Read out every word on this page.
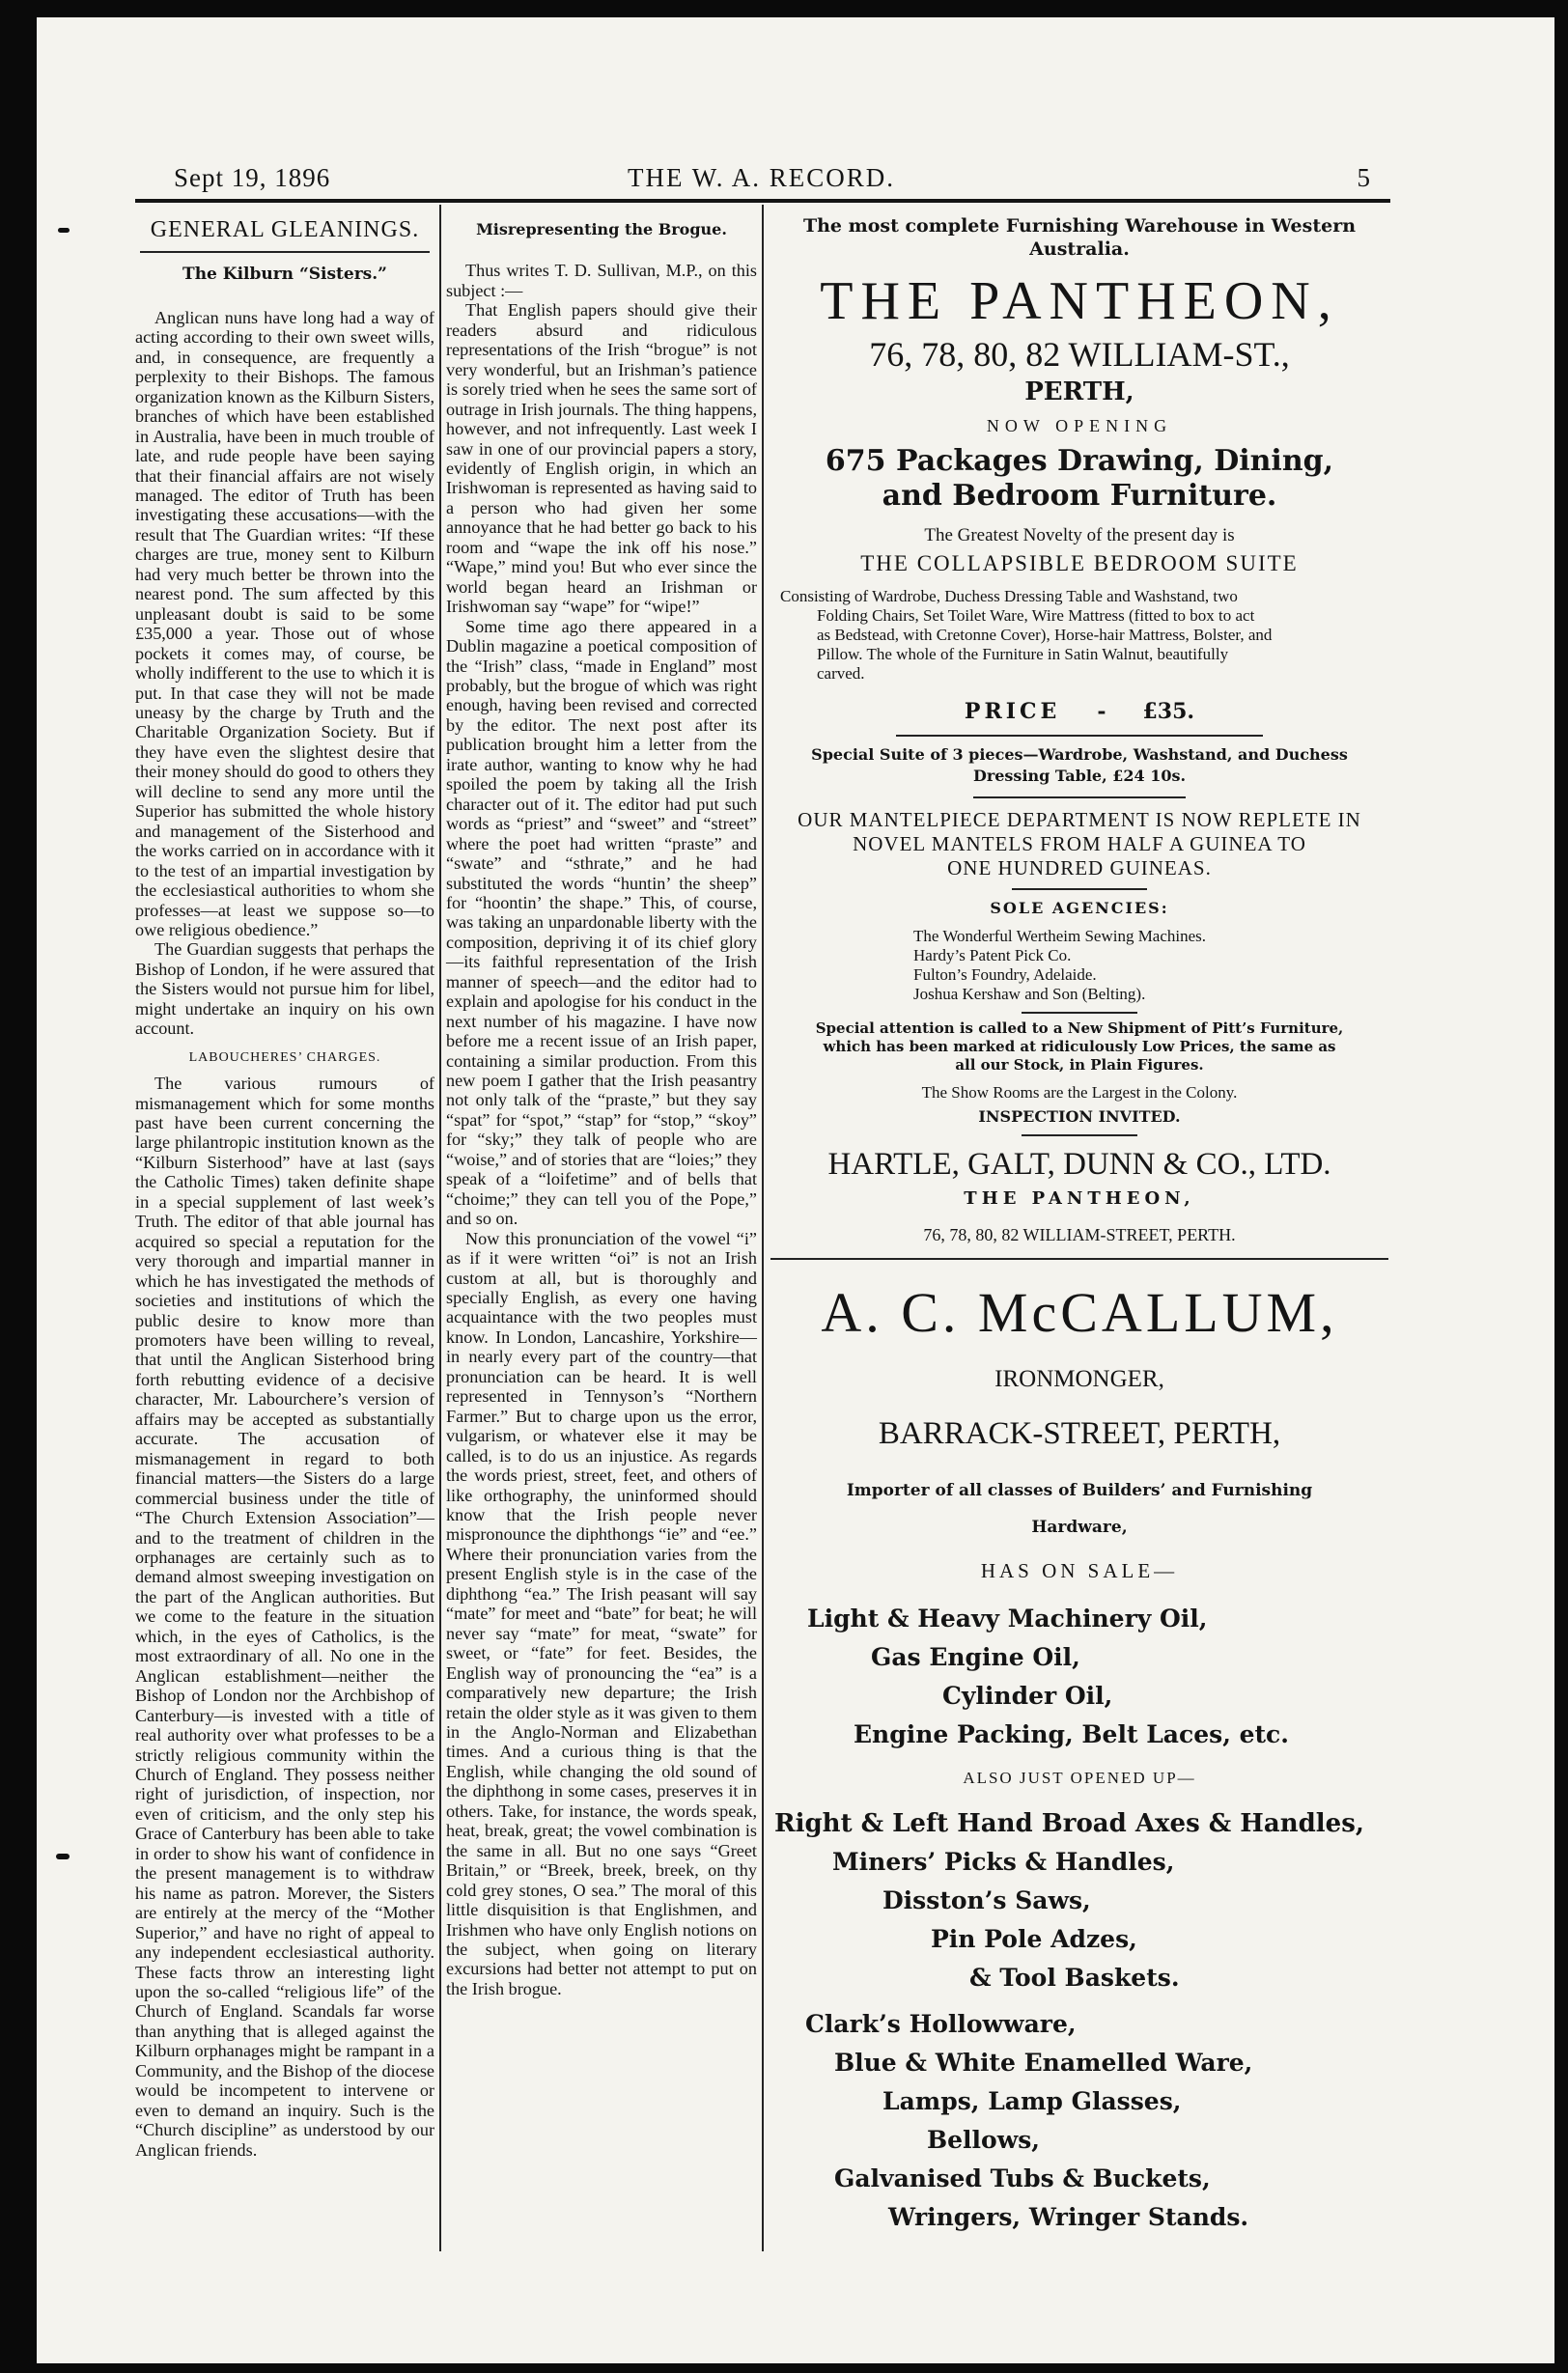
Sept 19, 1896	THE W. A. RECORD.	5

GENERAL GLEANINGS.

The Kilburn “Sisters.”

Anglican nuns have long had a way of acting according to their own sweet wills, and, in consequence, are frequently a perplexity to their Bishops. The famous organization known as the Kilburn Sisters, branches of which have been established in Australia, have been in much trouble of late, and rude people have been saying that their financial affairs are not wisely managed. The editor of Truth has been investigating these accusations—with the result that The Guardian writes: “If these charges are true, money sent to Kilburn had very much better be thrown into the nearest pond. The sum affected by this unpleasant doubt is said to be some £35,000 a year. Those out of whose pockets it comes may, of course, be wholly indifferent to the use to which it is put. In that case they will not be made uneasy by the charge by Truth and the Charitable Organization Society. But if they have even the slightest desire that their money should do good to others they will decline to send any more until the Superior has submitted the whole history and management of the Sisterhood and the works carried on in accordance with it to the test of an impartial investigation by the ecclesiastical authorities to whom she professes—at least we suppose so—to owe religious obedience.”

The Guardian suggests that perhaps the Bishop of London, if he were assured that the Sisters would not pursue him for libel, might undertake an inquiry on his own account.

LABOUCHERES’ CHARGES.

The various rumours of mismanagement which for some months past have been current concerning the large philantropic institution known as the “Kilburn Sisterhood” have at last (says the Catholic Times) taken definite shape in a special supplement of last week’s Truth. The editor of that able journal has acquired so special a reputation for the very thorough and impartial manner in which he has investigated the methods of societies and institutions of which the public desire to know more than promoters have been willing to reveal, that until the Anglican Sisterhood bring forth rebutting evidence of a decisive character, Mr. Labourchere’s version of affairs may be accepted as substantially accurate. The accusation of mismanagement in regard to both financial matters—the Sisters do a large commercial business under the title of “The Church Extension Association”—and to the treatment of children in the orphanages are certainly such as to demand almost sweeping investigation on the part of the Anglican authorities. But we come to the feature in the situation which, in the eyes of Catholics, is the most extraordinary of all. No one in the Anglican establishment—neither the Bishop of London nor the Archbishop of Canterbury—is invested with a title of real authority over what professes to be a strictly religious community within the Church of England. They possess neither right of jurisdiction, of inspection, nor even of criticism, and the only step his Grace of Canterbury has been able to take in order to show his want of confidence in the present management is to withdraw his name as patron. Morever, the Sisters are entirely at the mercy of the “Mother Superior,” and have no right of appeal to any independent ecclesiastical authority. These facts throw an interesting light upon the so-called “religious life” of the Church of England. Scandals far worse than anything that is alleged against the Kilburn orphanages might be rampant in a Community, and the Bishop of the diocese would be incompetent to intervene or even to demand an inquiry. Such is the “Church discipline” as understood by our Anglican friends.

Misrepresenting the Brogue.

Thus writes T. D. Sullivan, M.P., on this subject :—

That English papers should give their readers absurd and ridiculous representations of the Irish “brogue” is not very wonderful, but an Irishman’s patience is sorely tried when he sees the same sort of outrage in Irish journals. The thing happens, however, and not infrequently. Last week I saw in one of our provincial papers a story, evidently of English origin, in which an Irishwoman is represented as having said to a person who had given her some annoyance that he had better go back to his room and “wape the ink off his nose.” “Wape,” mind you! But who ever since the world began heard an Irishman or Irishwoman say “wape” for “wipe!”

Some time ago there appeared in a Dublin magazine a poetical composition of the “Irish” class, “made in England” most probably, but the brogue of which was right enough, having been revised and corrected by the editor. The next post after its publication brought him a letter from the irate author, wanting to know why he had spoiled the poem by taking all the Irish character out of it. The editor had put such words as “priest” and “sweet” and “street” where the poet had written “praste” and “swate” and “sthrate,” and he had substituted the words “huntin’ the sheep” for “hoontin’ the shape.” This, of course, was taking an unpardonable liberty with the composition, depriving it of its chief glory—its faithful representation of the Irish manner of speech—and the editor had to explain and apologise for his conduct in the next number of his magazine. I have now before me a recent issue of an Irish paper, containing a similar production. From this new poem I gather that the Irish peasantry not only talk of the “praste,” but they say “spat” for “spot,” “stap” for “stop,” “skoy” for “sky;” they talk of people who are “woise,” and of stories that are “loies;” they speak of a “loifetime” and of bells that “choime;” they can tell you of the Pope,” and so on.

Now this pronunciation of the vowel “i” as if it were written “oi” is not an Irish custom at all, but is thoroughly and specially English, as every one having acquaintance with the two peoples must know. In London, Lancashire, Yorkshire—in nearly every part of the country—that pronunciation can be heard. It is well represented in Tennyson’s “Northern Farmer.” But to charge upon us the error, vulgarism, or whatever else it may be called, is to do us an injustice. As regards the words priest, street, feet, and others of like orthography, the uninformed should know that the Irish people never mispronounce the diphthongs “ie” and “ee.” Where their pronunciation varies from the present English style is in the case of the diphthong “ea.” The Irish peasant will say “mate” for meet and “bate” for beat; he will never say “mate” for meat, “swate” for sweet, or “fate” for feet. Besides, the English way of pronouncing the “ea” is a comparatively new departure; the Irish retain the older style as it was given to them in the Anglo-Norman and Elizabethan times. And a curious thing is that the English, while changing the old sound of the diphthong in some cases, preserves it in others. Take, for instance, the words speak, heat, break, great; the vowel combination is the same in all. But no one says “Greet Britain,” or “Breek, breek, breek, on thy cold grey stones, O sea.” The moral of this little disquisition is that Englishmen, and Irishmen who have only English notions on the subject, when going on literary excursions had better not attempt to put on the Irish brogue.

The most complete Furnishing Warehouse in Western Australia.
THE PANTHEON,
76, 78, 80, 82 WILLIAM-ST.,
PERTH,
NOW OPENING
675 Packages Drawing, Dining, and Bedroom Furniture.
The Greatest Novelty of the present day is
THE COLLAPSIBLE BEDROOM SUITE
Consisting of Wardrobe, Duchess Dressing Table and Washstand, two
Folding Chairs, Set Toilet Ware, Wire Mattress (fitted to box to act
as Bedstead, with Cretonne Cover), Horse-hair Mattress, Bolster, and
Pillow. The whole of the Furniture in Satin Walnut, beautifully
carved.
PRICE - £35.
Special Suite of 3 pieces—Wardrobe, Washstand, and Duchess
Dressing Table, £24 10s.
OUR MANTELPIECE DEPARTMENT IS NOW REPLETE IN
NOVEL MANTELS FROM HALF A GUINEA TO
ONE HUNDRED GUINEAS.
SOLE AGENCIES:
The Wonderful Wertheim Sewing Machines.
Hardy’s Patent Pick Co.
Fulton’s Foundry, Adelaide.
Joshua Kershaw and Son (Belting).
Special attention is called to a New Shipment of Pitt’s Furniture,
which has been marked at ridiculously Low Prices, the same as
all our Stock, in Plain Figures.
The Show Rooms are the Largest in the Colony.
INSPECTION INVITED.
HARTLE, GALT, DUNN & CO., LTD.
THE PANTHEON,
76, 78, 80, 82 WILLIAM-STREET, PERTH.
A. C. McCALLUM,
IRONMONGER,
BARRACK-STREET, PERTH,
Importer of all classes of Builders’ and Furnishing
Hardware,
HAS ON SALE—
Light & Heavy Machinery Oil,
Gas Engine Oil,
Cylinder Oil,
Engine Packing, Belt Laces, etc.
ALSO JUST OPENED UP—
Right & Left Hand Broad Axes & Handles,
Miners’ Picks & Handles,
Disston’s Saws,
Pin Pole Adzes,
& Tool Baskets.
Clark’s Hollowware,
Blue & White Enamelled Ware,
Lamps, Lamp Glasses,
Bellows,
Galvanised Tubs & Buckets,
Wringers, Wringer Stands.
